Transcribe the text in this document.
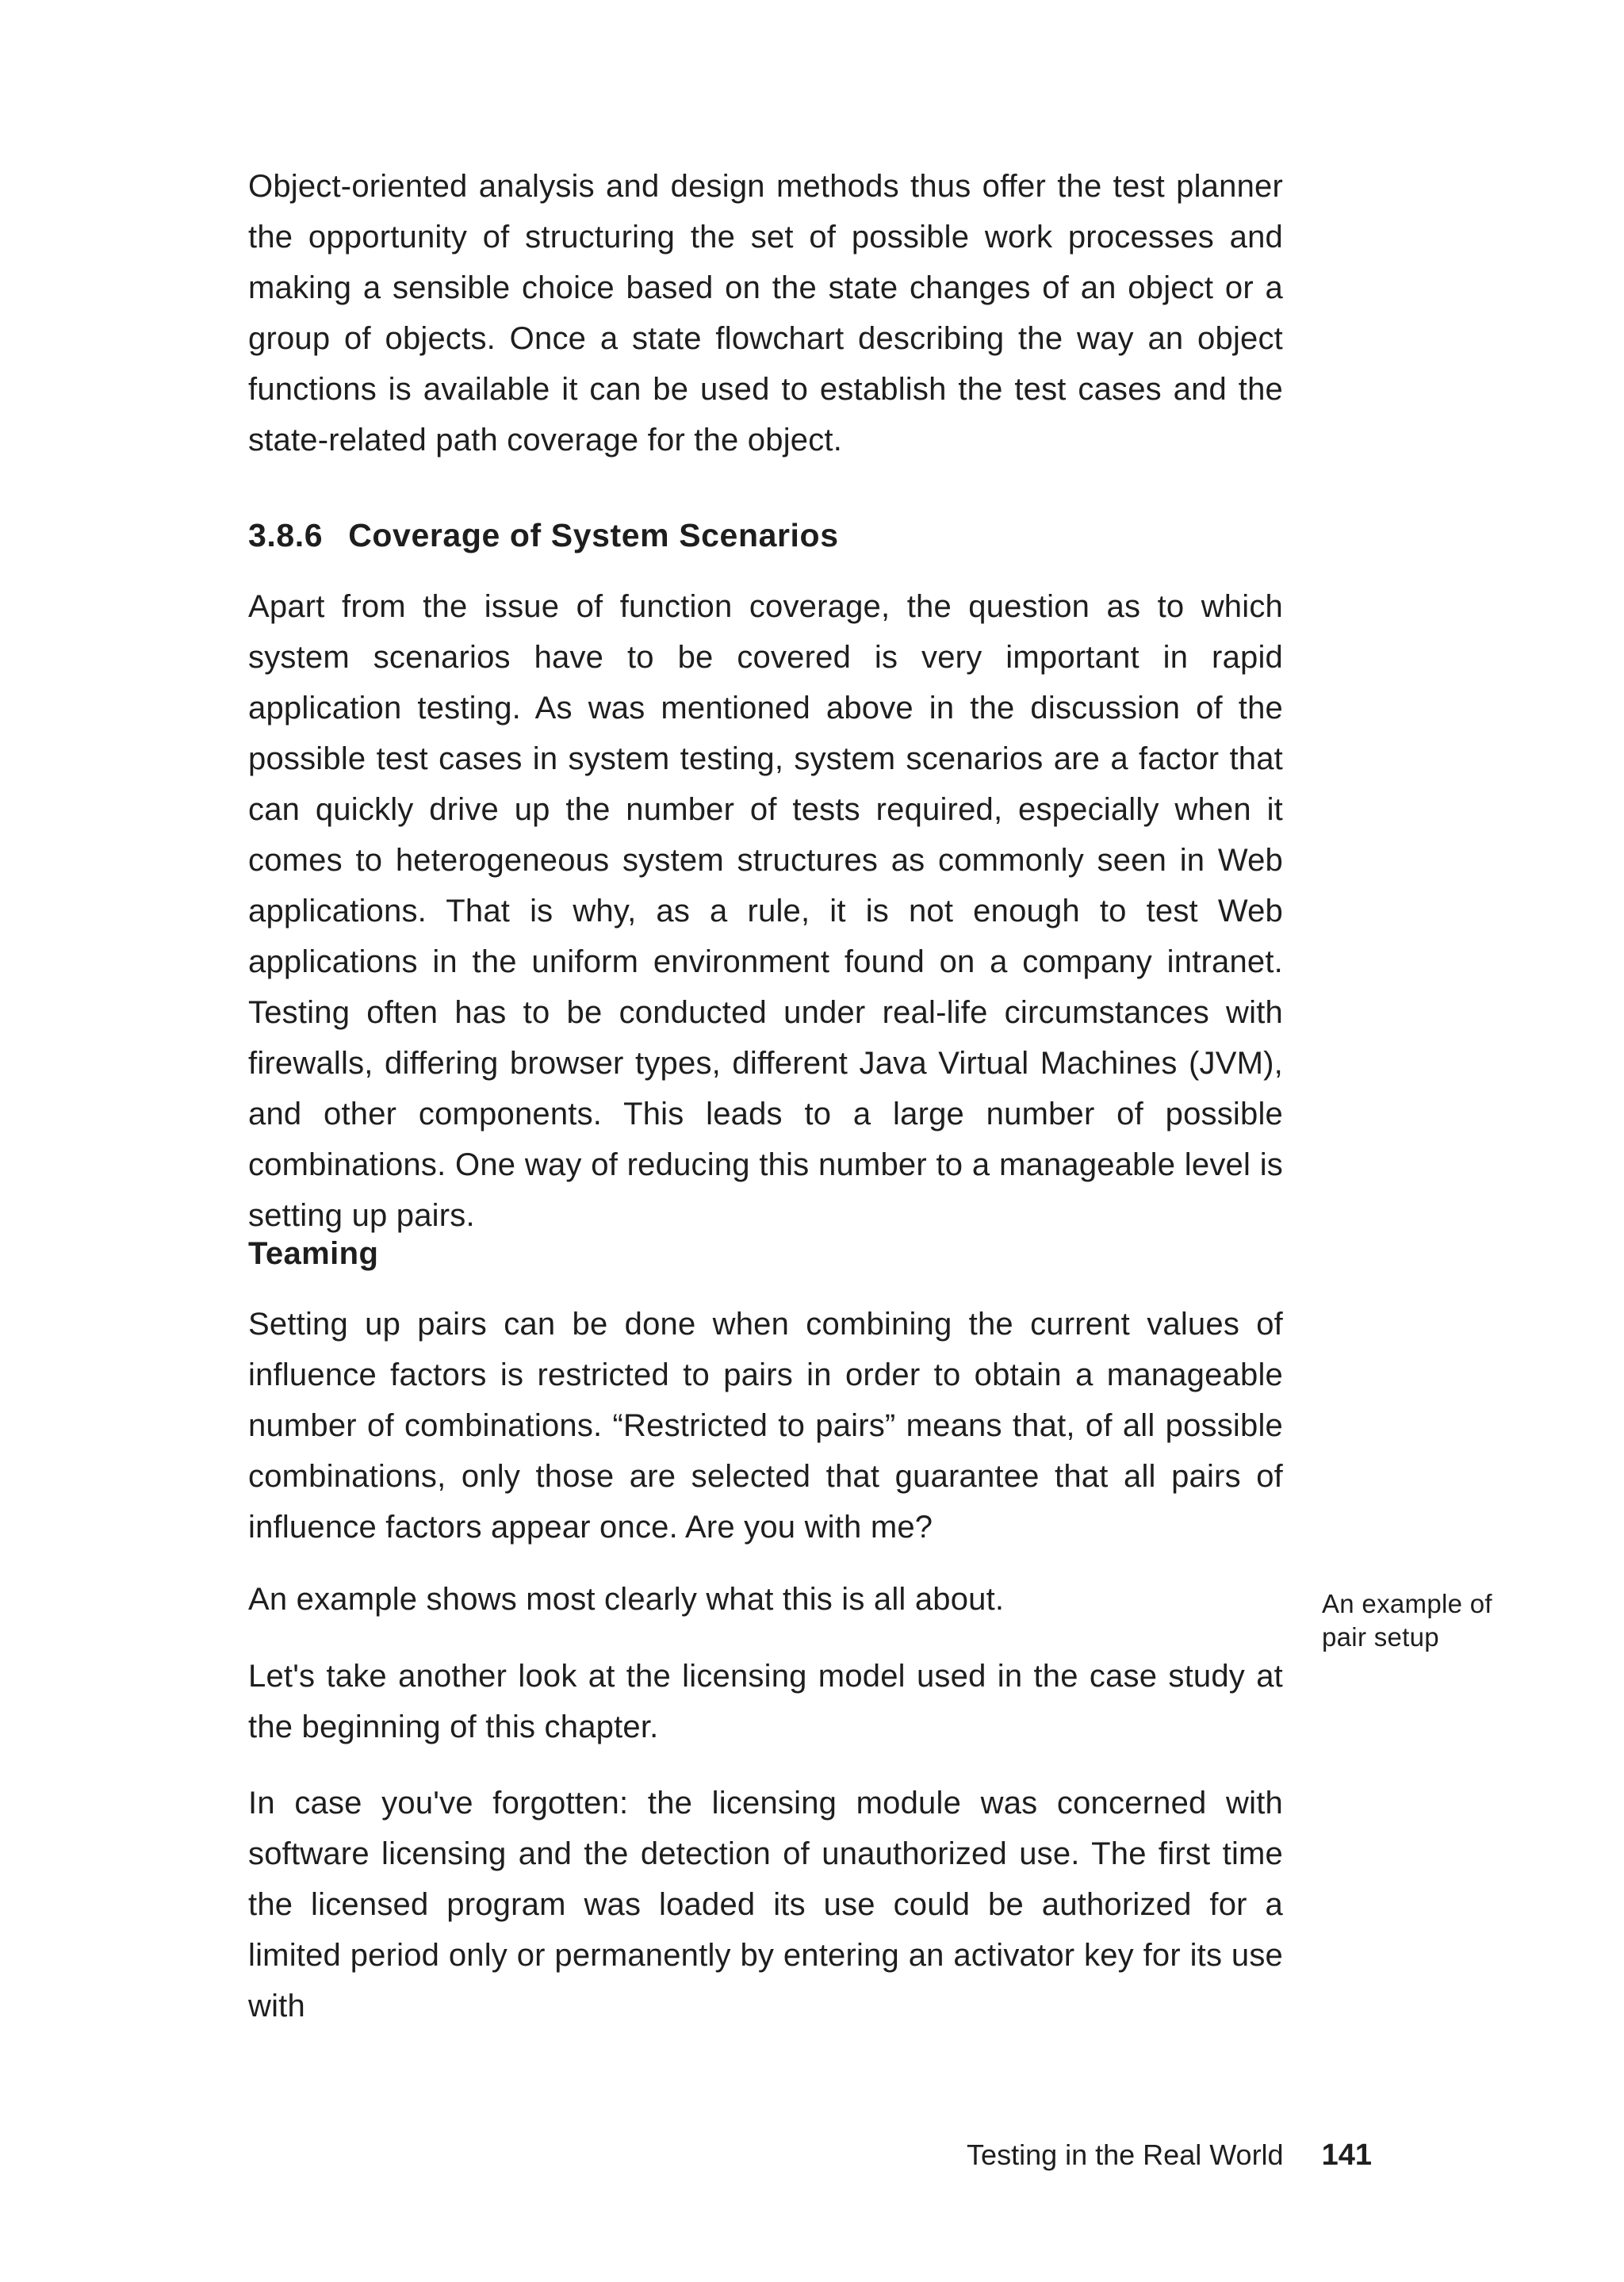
Object-oriented analysis and design methods thus offer the test planner the opportunity of structuring the set of possible work processes and making a sensible choice based on the state changes of an object or a group of objects. Once a state flowchart describing the way an object functions is available it can be used to establish the test cases and the state-related path coverage for the object.

3.8.6 Coverage of System Scenarios

Apart from the issue of function coverage, the question as to which system scenarios have to be covered is very important in rapid application testing. As was mentioned above in the discussion of the possible test cases in system testing, system scenarios are a factor that can quickly drive up the number of tests required, especially when it comes to heterogeneous system structures as commonly seen in Web applications. That is why, as a rule, it is not enough to test Web applications in the uniform environment found on a company intranet. Testing often has to be conducted under real-life circumstances with firewalls, differing browser types, different Java Virtual Machines (JVM), and other components. This leads to a large number of possible combinations. One way of reducing this number to a manageable level is setting up pairs.

Teaming

Setting up pairs can be done when combining the current values of influence factors is restricted to pairs in order to obtain a manageable number of combinations. “Restricted to pairs” means that, of all possible combinations, only those are selected that guarantee that all pairs of influence factors appear once. Are you with me?

An example shows most clearly what this is all about.	An example of
pair setup

Let's take another look at the licensing model used in the case study at the beginning of this chapter.

In case you've forgotten: the licensing module was concerned with software licensing and the detection of unauthorized use. The first time the licensed program was loaded its use could be authorized for a limited period only or permanently by entering an activator key for its use with

Testing in the Real World 141
